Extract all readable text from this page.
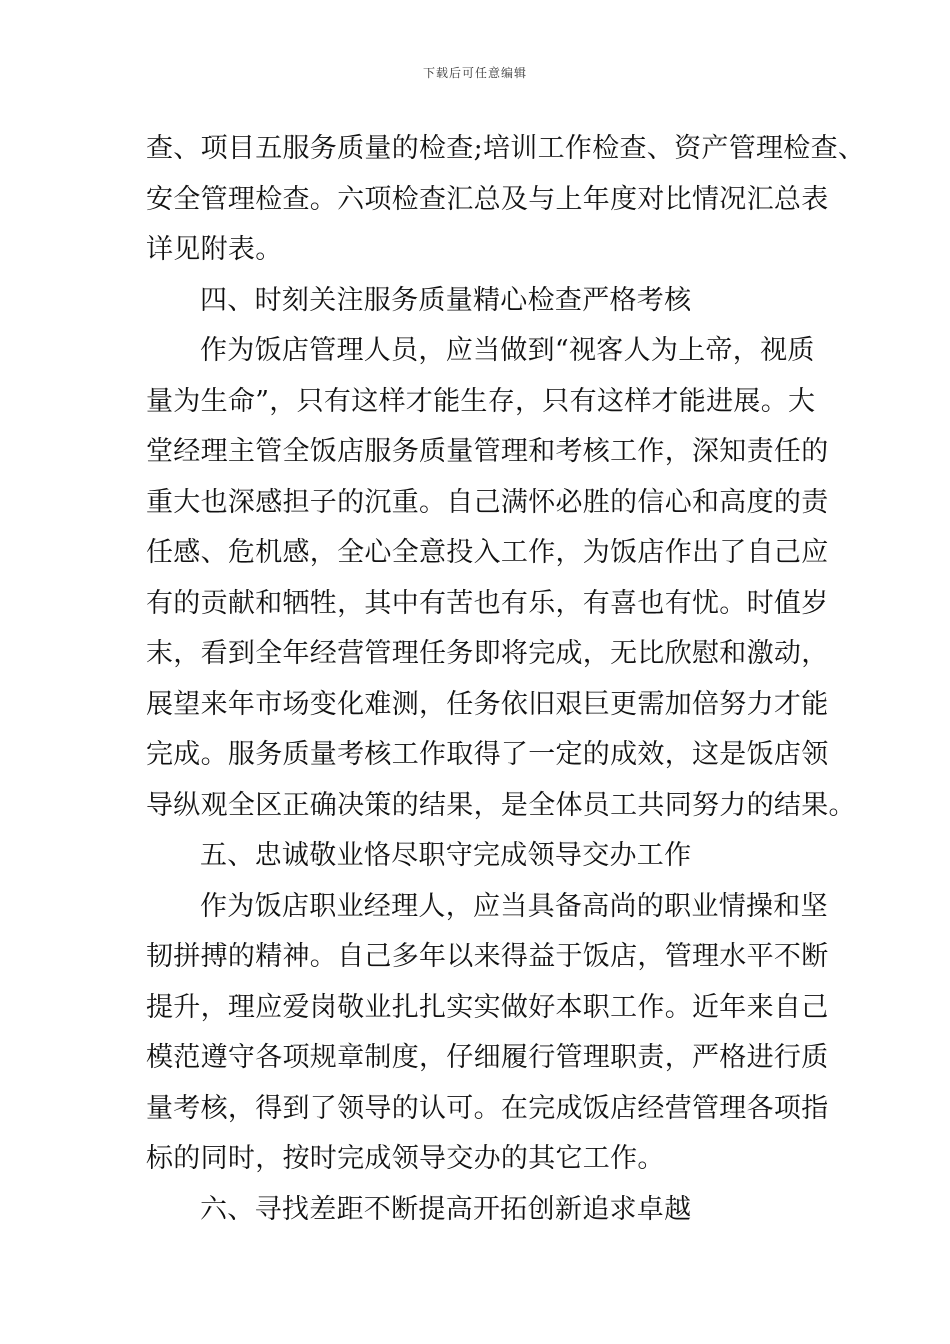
下载后可任意编辑
查、项目五服务质量的检查;培训工作检查、资产管理检查、
安全管理检查。六项检查汇总及与上年度对比情况汇总表
详见附表。
四、时刻关注服务质量精心检查严格考核
作为饭店管理人员，应当做到“视客人为上帝，视质
量为生命”，只有这样才能生存，只有这样才能进展。大
堂经理主管全饭店服务质量管理和考核工作，深知责任的
重大也深感担子的沉重。自己满怀必胜的信心和高度的责
任感、危机感，全心全意投入工作，为饭店作出了自己应
有的贡献和牺牲，其中有苦也有乐，有喜也有忧。时值岁
末，看到全年经营管理任务即将完成，无比欣慰和激动，
展望来年市场变化难测，任务依旧艰巨更需加倍努力才能
完成。服务质量考核工作取得了一定的成效，这是饭店领
导纵观全区正确决策的结果，是全体员工共同努力的结果。
五、忠诚敬业恪尽职守完成领导交办工作
作为饭店职业经理人，应当具备高尚的职业情操和坚
韧拼搏的精神。自己多年以来得益于饭店，管理水平不断
提升，理应爱岗敬业扎扎实实做好本职工作。近年来自己
模范遵守各项规章制度，仔细履行管理职责，严格进行质
量考核，得到了领导的认可。在完成饭店经营管理各项指
标的同时，按时完成领导交办的其它工作。
六、寻找差距不断提高开拓创新追求卓越
